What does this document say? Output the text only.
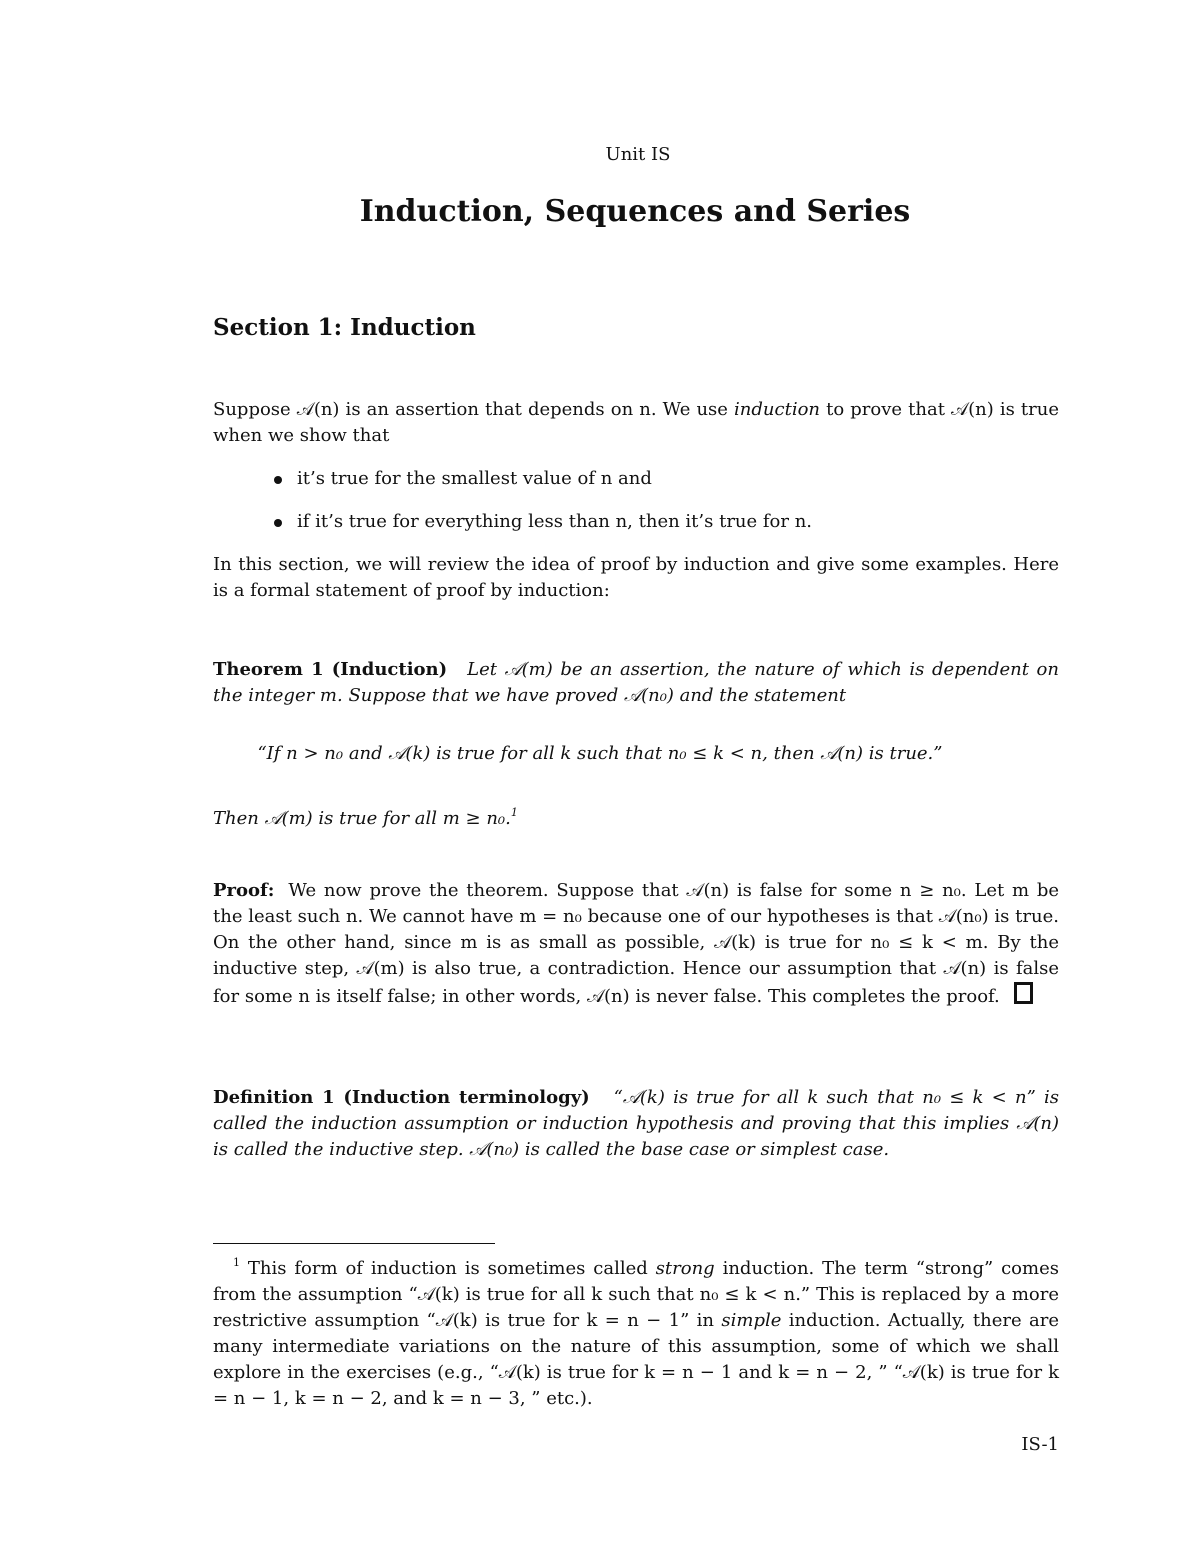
Unit IS
Induction, Sequences and Series
Section 1: Induction

Suppose 𝒜(n) is an assertion that depends on n. We use induction to prove that 𝒜(n) is true when we show that

it’s true for the smallest value of n and
if it’s true for everything less than n, then it’s true for n.

In this section, we will review the idea of proof by induction and give some examples. Here is a formal statement of proof by induction:

Theorem 1 (Induction) Let 𝒜(m) be an assertion, the nature of which is dependent on the integer m. Suppose that we have proved 𝒜(n₀) and the statement

“If n > n₀ and 𝒜(k) is true for all k such that n₀ ≤ k < n, then 𝒜(n) is true.”

Then 𝒜(m) is true for all m ≥ n₀.$^1$

Proof: We now prove the theorem. Suppose that 𝒜(n) is false for some n ≥ n₀. Let m be the least such n. We cannot have m = n₀ because one of our hypotheses is that 𝒜(n₀) is true. On the other hand, since m is as small as possible, 𝒜(k) is true for n₀ ≤ k < m. By the inductive step, 𝒜(m) is also true, a contradiction. Hence our assumption that 𝒜(n) is false for some n is itself false; in other words, 𝒜(n) is never false. This completes the proof.

Definition 1 (Induction terminology) “𝒜(k) is true for all k such that n₀ ≤ k < n” is called the induction assumption or induction hypothesis and proving that this implies 𝒜(n) is called the inductive step. 𝒜(n₀) is called the base case or simplest case.

$^1$ This form of induction is sometimes called strong induction. The term “strong” comes from the assumption “𝒜(k) is true for all k such that n₀ ≤ k < n.” This is replaced by a more restrictive assumption “𝒜(k) is true for k = n − 1” in simple induction. Actually, there are many intermediate variations on the nature of this assumption, some of which we shall explore in the exercises (e.g., “𝒜(k) is true for k = n − 1 and k = n − 2, ” “𝒜(k) is true for k = n − 1, k = n − 2, and k = n − 3, ” etc.).

IS-1
